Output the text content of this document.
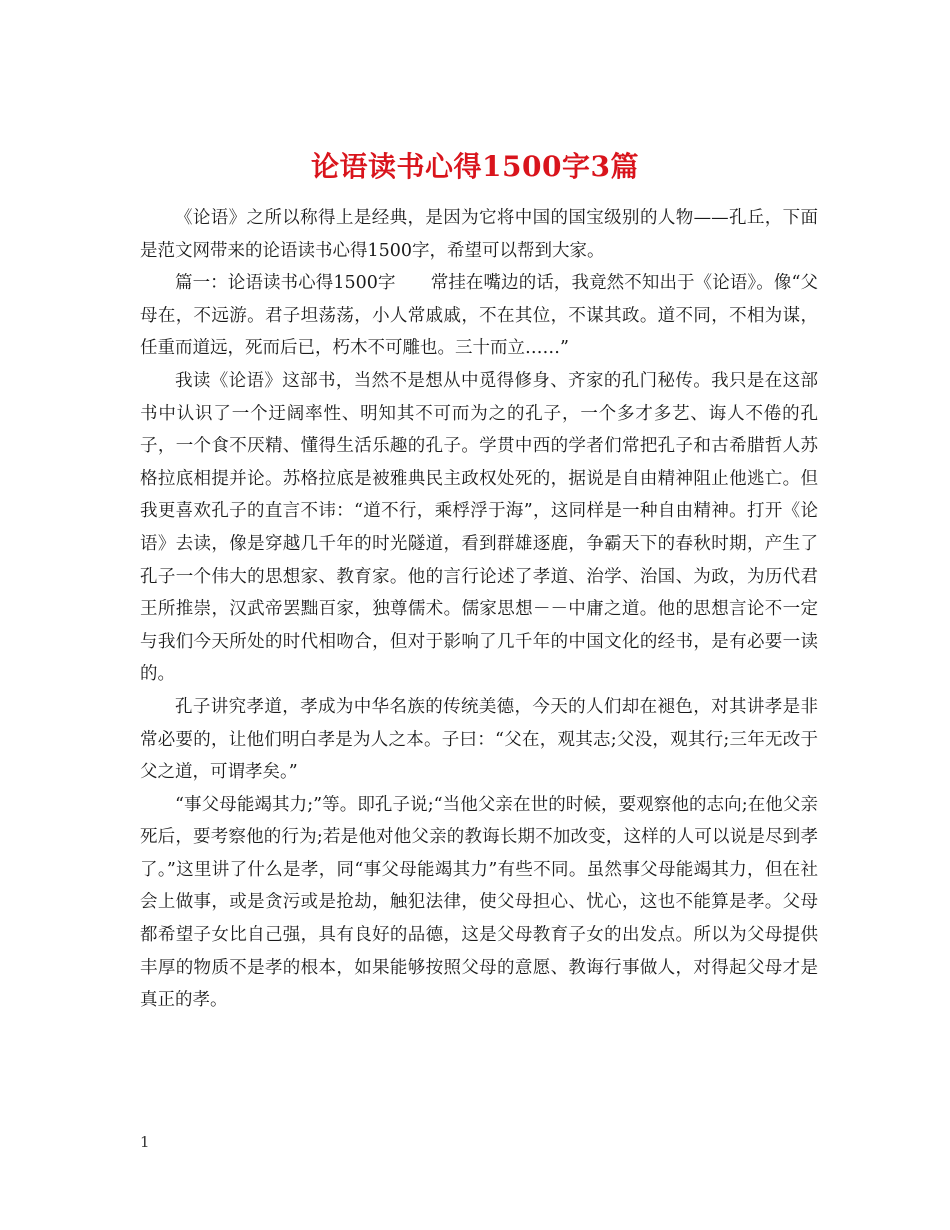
论语读书心得1500字3篇

《论语》之所以称得上是经典，是因为它将中国的国宝级别的人物——孔丘，下面是范文网带来的论语读书心得1500字，希望可以帮到大家。

篇一：论语读书心得1500字　　常挂在嘴边的话，我竟然不知出于《论语》。像“父母在，不远游。君子坦荡荡，小人常戚戚，不在其位，不谋其政。道不同，不相为谋，任重而道远，死而后已，朽木不可雕也。三十而立……”

我读《论语》这部书，当然不是想从中觅得修身、齐家的孔门秘传。我只是在这部书中认识了一个迂阔率性、明知其不可而为之的孔子，一个多才多艺、诲人不倦的孔子，一个食不厌精、懂得生活乐趣的孔子。学贯中西的学者们常把孔子和古希腊哲人苏格拉底相提并论。苏格拉底是被雅典民主政权处死的，据说是自由精神阻止他逃亡。但我更喜欢孔子的直言不讳：“道不行，乘桴浮于海”，这同样是一种自由精神。打开《论语》去读，像是穿越几千年的时光隧道，看到群雄逐鹿，争霸天下的春秋时期，产生了孔子一个伟大的思想家、教育家。他的言行论述了孝道、治学、治国、为政，为历代君王所推崇，汉武帝罢黜百家，独尊儒术。儒家思想－－中庸之道。他的思想言论不一定与我们今天所处的时代相吻合，但对于影响了几千年的中国文化的经书，是有必要一读的。

孔子讲究孝道，孝成为中华名族的传统美德，今天的人们却在褪色，对其讲孝是非常必要的，让他们明白孝是为人之本。子曰：“父在，观其志;父没，观其行;三年无改于父之道，可谓孝矣。”

“事父母能竭其力;”等。即孔子说;“当他父亲在世的时候，要观察他的志向;在他父亲死后，要考察他的行为;若是他对他父亲的教诲长期不加改变，这样的人可以说是尽到孝了。”这里讲了什么是孝，同“事父母能竭其力”有些不同。虽然事父母能竭其力，但在社会上做事，或是贪污或是抢劫，触犯法律，使父母担心、忧心，这也不能算是孝。父母都希望子女比自己强，具有良好的品德，这是父母教育子女的出发点。所以为父母提供丰厚的物质不是孝的根本，如果能够按照父母的意愿、教诲行事做人，对得起父母才是真正的孝。

1
